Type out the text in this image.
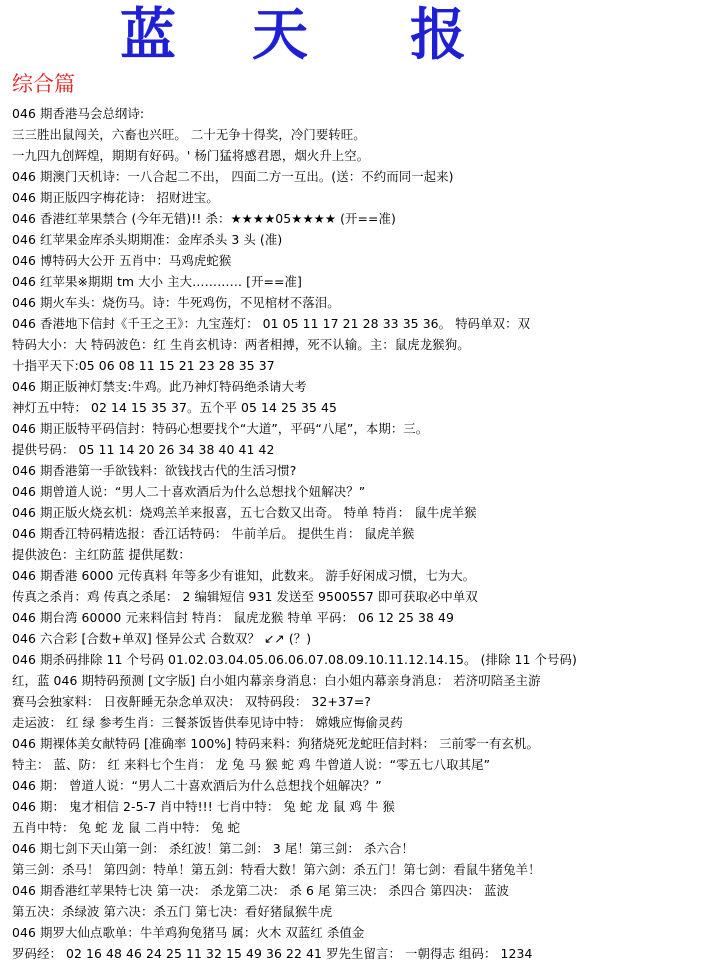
蓝 天 报
综合篇
046 期香港马会总纲诗:
三三胜出鼠闯关，六畜也兴旺。 二十无争十得奖，冷门要转旺。
一九四九创辉煌，期期有好码。' 杨门猛将感君恩，烟火升上空。
046 期澳门天机诗：一八合起二不出， 四面二方一互出。(送：不约而同一起来)
046 期正版四字梅花诗： 招财进宝。
046 香港红苹果禁合 (今年无错)!! 杀：★★★★05★★★★ (开==准)
046 红苹果金库杀头期期准：金库杀头 3 头 (准)
046 博特码大公开 五肖中：马鸡虎蛇猴
046 红苹果※期期 tm 大小 主大………… [开==准]
046 期火车头：烧伤马。诗：牛死鸡伤，不见棺材不落泪。
046 香港地下信封《千王之王》：九宝莲灯： 01 05 11 17 21 28 33 35 36。 特码单双：双
特码大小：大 特码波色：红 生肖玄机诗：两者相搏，死不认输。主：鼠虎龙猴狗。
十指平天下:05 06 08 11 15 21 23 28 35 37
046 期正版神灯禁支:牛鸡。此乃神灯特码绝杀请大考
神灯五中特： 02 14 15 35 37。五个平 05 14 25 35 45
046 期正版特平码信封：特码心想要找个“大道”，平码“八尾”，本期：三。
提供号码： 05 11 14 20 26 34 38 40 41 42
046 期香港第一手欲钱料：欲钱找古代的生活习惯?
046 期曾道人说：“男人二十喜欢酒后为什么总想找个妞解决？”
046 期正版火烧玄机：烧鸡羔羊来报喜，五七合数又出奇。 特单 特肖： 鼠牛虎羊猴
046 期香江特码精选报：香江话特码： 牛前羊后。 提供生肖： 鼠虎羊猴
提供波色：主红防蓝 提供尾数：
046 期香港 6000 元传真料 年等多少有谁知，此数来。 游手好闲成习惯，七为大。
传真之杀肖：鸡 传真之杀尾： 2 编辑短信 931 发送至 9500557 即可获取必中单双
046 期台湾 60000 元来料信封 特肖： 鼠虎龙猴 特单 平码： 06 12 25 38 49
046 六合彩 [合数+单双] 怪异公式 合数双？ ↙↗ (？)
046 期杀码排除 11 个号码 01.02.03.04.05.06.06.07.08.09.10.11.12.14.15。 (排除 11 个号码)
红，蓝 046 期特码预测 [文字版] 白小姐内幕亲身消息：白小姐内幕亲身消息： 若济叨陪圣主游
赛马会独家料： 日夜鼾睡无杂念单双决： 双特码段： 32+37=?
走运波： 红 绿 参考生肖：三餐茶饭皆供奉见诗中特： 嫦娥应悔偷灵药
046 期裸体美女献特码 [准确率 100%] 特码来料：狗猪烧死龙蛇旺信封料： 三前零一有玄机。
特主： 蓝、防： 红 来料七个生肖： 龙 兔 马 猴 蛇 鸡 牛曾道人说：“零五七八取其尾”
046 期： 曾道人说：“男人二十喜欢酒后为什么总想找个妞解决？”
046 期： 鬼才相信 2-5-7 肖中特!!! 七肖中特： 兔 蛇 龙 鼠 鸡 牛 猴
五肖中特： 兔 蛇 龙 鼠 二肖中特： 兔 蛇
046 期七剑下天山第一剑： 杀红波！第二剑： 3 尾！第三剑： 杀六合！
第三剑：杀马！ 第四剑：特单！第五剑：特看大数！第六剑：杀五门！第七剑：看鼠牛猪兔羊！
046 期香港红苹果特七决 第一决： 杀龙第二决： 杀 6 尾 第三决： 杀四合 第四决： 蓝波
第五决：杀绿波 第六决：杀五门 第七决：看好猪鼠猴牛虎
046 期罗大仙点歌单：牛羊鸡狗兔猪马 属：火木 双蓝红 杀值金
罗码经： 02 16 48 46 24 25 11 32 15 49 36 22 41 罗先生留言： 一朝得志 组码： 1234
